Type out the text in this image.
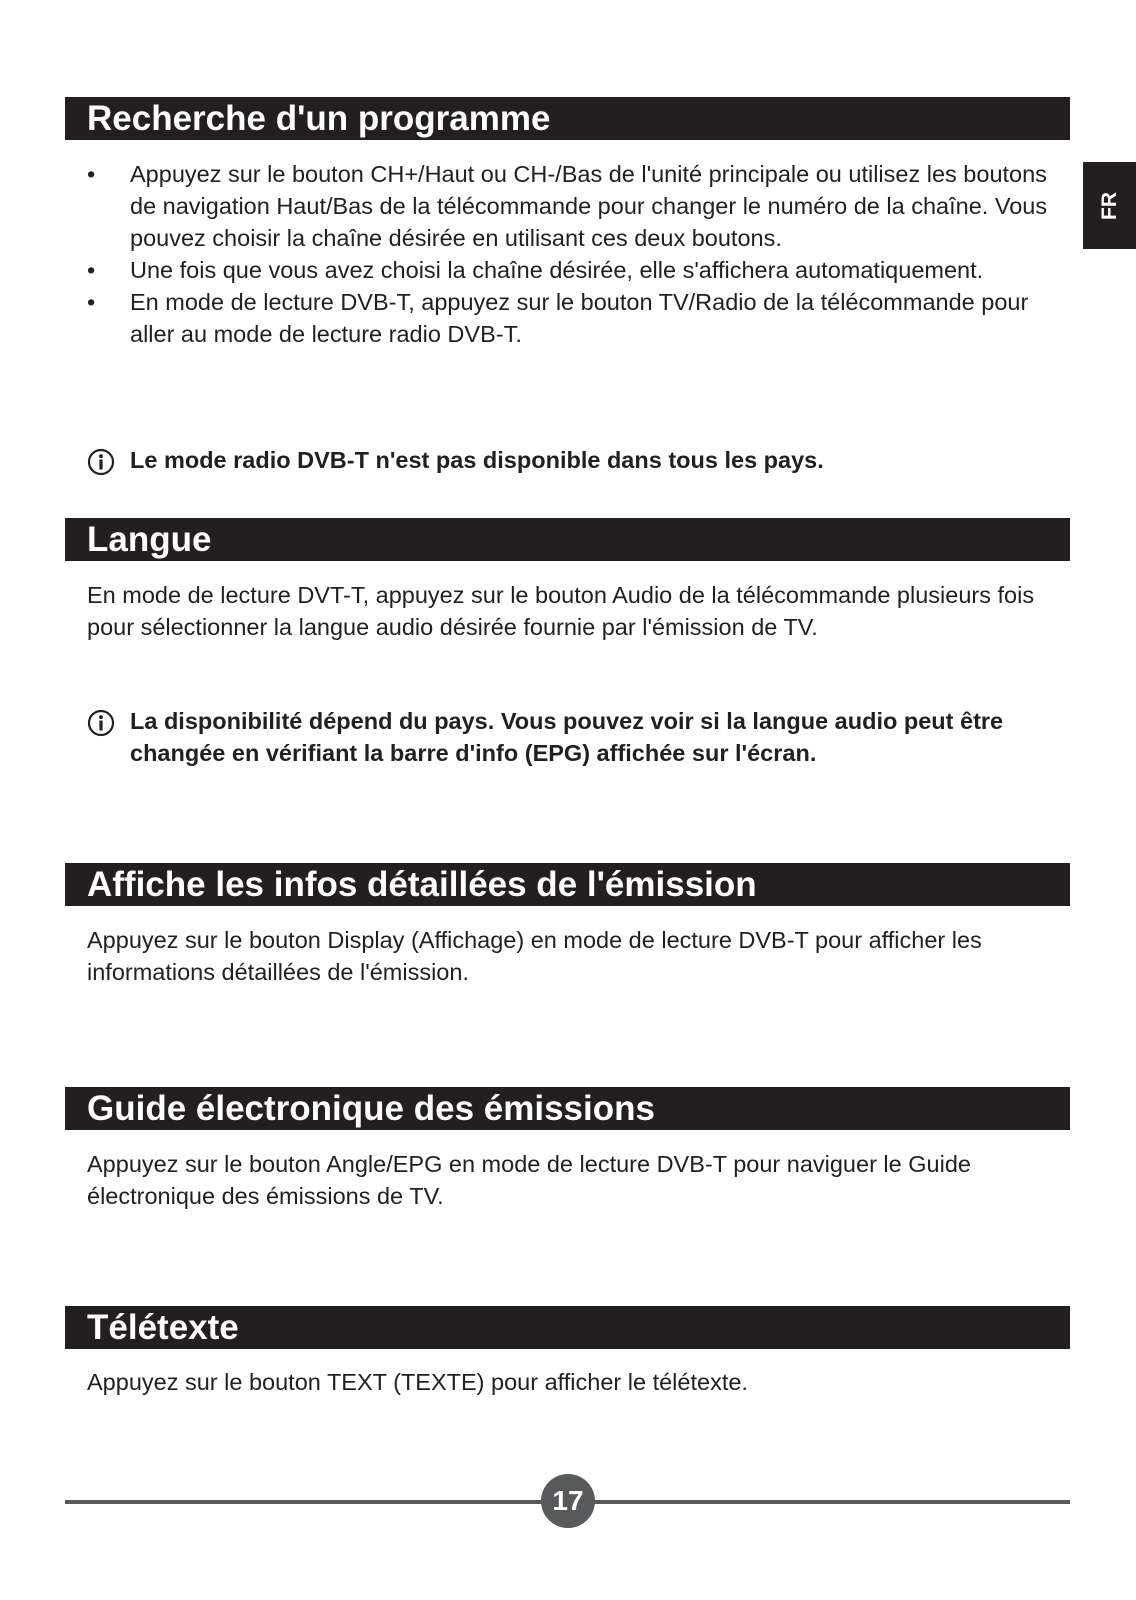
FR
Recherche d'un programme
• Appuyez sur le bouton CH+/Haut ou CH-/Bas de l'unité principale ou utilisez les boutons de navigation Haut/Bas de la télécommande pour changer le numéro de la chaîne. Vous pouvez choisir la chaîne désirée en utilisant ces deux boutons.
• Une fois que vous avez choisi la chaîne désirée, elle s'affichera automatiquement.
• En mode de lecture DVB-T, appuyez sur le bouton TV/Radio de la télécommande pour aller au mode de lecture radio DVB-T.
Le mode radio DVB-T n'est pas disponible dans tous les pays.
Langue

En mode de lecture DVT-T, appuyez sur le bouton Audio de la télécommande plusieurs fois pour sélectionner la langue audio désirée fournie par l'émission de TV.

La disponibilité dépend du pays. Vous pouvez voir si la langue audio peut être changée en vérifiant la barre d'info (EPG) affichée sur l'écran.
Affiche les infos détaillées de l'émission

Appuyez sur le bouton Display (Affichage) en mode de lecture DVB-T pour afficher les informations détaillées de l'émission.

Guide électronique des émissions

Appuyez sur le bouton Angle/EPG en mode de lecture DVB-T pour naviguer le Guide électronique des émissions de TV.

Télétexte

Appuyez sur le bouton TEXT (TEXTE) pour afficher le télétexte.

17
